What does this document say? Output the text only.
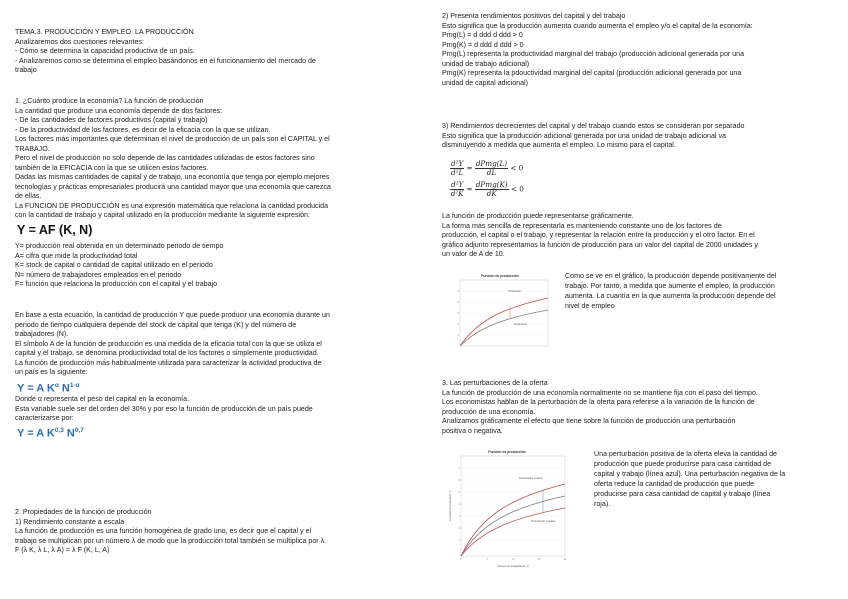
TEMA.3. PRODUCCIÓN Y EMPLEO. LA PRODUCCIÓN
Analizaremos dos cuestiones relevantes:
- Cómo se determina la capacidad productiva de un país.
- Analizaremos como se determina el empleo basándonos en el funcionamiento del mercado de
trabajo
1. ¿Cuánto produce la economía? La función de producción
La cantidad que produce una economía depende de dos factores:
- De las cantidades de factores productivos (capital y trabajo)
- De la productividad de los factores, es decir de la eficacia con la que se utilizan.
Los factores más importantes que determinan el nivel de producción de un país son el CAPITAL y el
TRABAJO.
Pero el nivel de producción no solo depende de las cantidades utilizadas de estos factores sino
también de la EFICACIA con la que se utilicen estos factores.
Dadas las mismas cantidades de capital y de trabajo, una economía que tenga por ejemplo mejores
tecnologías y prácticas empresariales producirá una cantidad mayor que una economía que carezca
de ellas.
La FUNCION DE PRODUCCIÓN es una expresión matemática que relaciona la cantidad producida
con la cantidad de trabajo y capital utilizado en la producción mediante la siguiente expresión:
Y = AF (K, N)
Y= producción real obtenida en un determinado periodo de tiempo
A= cifra que mide la productividad total
K= stock de capital o cantidad de capital utilizado en el periodo
N= número de trabajadores empleados en el periodo
F= función que relaciona la producción con el capital y el trabajo
En base a esta ecuación, la cantidad de producción Y que puede producir una economía durante un
periodo de tiempo cualquiera depende del stock de capital que tenga (K) y del número de
trabajadores (N).
El símbolo A de la función de producción es una medida de la eficacia total con la que se utiliza el
capital y el trabajo. se denomina productividad total de los factores o simplemente productividad.
La función de producción más habitualmente utilizada para caracterizar la actividad productiva de
un país es la siguiente:
Y = A $K^\alpha$ $N^{1-\alpha}$
Donde α representa el peso del capital en la economía.
Esta variable suele ser del orden del 30% y por eso la función de producción de un país puede
caracterizarse por:
Y = A K$^{0,3}$ N$^{0,7}$
2. Propiedades de la función de producción
1) Rendimiento constante a escala
La función de producción es una función homogénea de grado uno, es decir que el capital y el
trabajo se multiplican por un número λ de modo que la producción total también se multiplica por λ.
F (λ K, λ L, λ A) = λ F (K, L, A)
2) Presenta rendimientos positivos del capital y del trabajo
Esto significa que la producción aumenta cuando aumenta el empleo y/o el capital de la economía:
Pmg(L) = d ddd d ddd > 0
Pmg(K) = d ddd d ddd > 0
Pmg(L) representa la productividad marginal del trabajo (producción adicional generada por una
unidad de trabajo adicional)
Pmg(K) representa la pdouctividad marginal del capital (producción adicional generada por una
unidad de capital adicional)
3) Rendimientos decrecientes del capital y del trabajo cuando estos se consideran por separado
Esto significa que la producción adicional generada por una unidad de trabajo adicional va
disminuyendo a medida que aumenta el empleo. Lo mismo para el capital.
$\frac{\text{d²Y}}{\text{d²L}} = \frac{\text{dPmg(L)}}{dL} < 0$
$\frac{\text{d²Y}}{\text{d²K}} = \frac{\text{dPmg(K)}}{dK} < 0$
La función de producción puede representarse gráficamente.
La forma más sencilla de representarla es manteniendo constante uno de los factores de
producción, el capital o el trabajo, y representar la relación entre la producción y el otro factor. En el
gráfico adjunto representamos la función de producción para un valor del capital de 2000 unidades y
un valor de A de 10.
Función de producción
5
4
3
2
1
Producción
Producción
Como se ve en el gráfico, la producción depende positivamente del
trabajo. Por tanto, a medida que aumente el empleo, la producción
aumenta. La cuantía en la que aumenta la producción depende del
nivel de empleo
3. Las perturbaciones de la oferta
La función de producción de una economía normalmente no se mantiene fija con el paso del tiempo.
Los economistas hablan de la perturbación de la oferta para referirse a la variación de la función de
producción de una economía.
Analizamos gráficamente el efecto que tiene sobre la función de producción una perturbación
positiva o negativa.
Función de producción
7
6
5
4
3
2
1
0	5	10	15	20
Perturbación positiva
Perturbación negativa
Número de trabajadores, N
Cantidad de producción, Y
Una perturbación positiva de la oferta eleva la cantidad de
producción que puede producirse para casa cantidad de
capital y trabajo (línea azul). Una perturbación negativa de la
oferta reduce la cantidad de producción que puede
producirse para casa cantidad de capital y trabajo (línea
roja).
